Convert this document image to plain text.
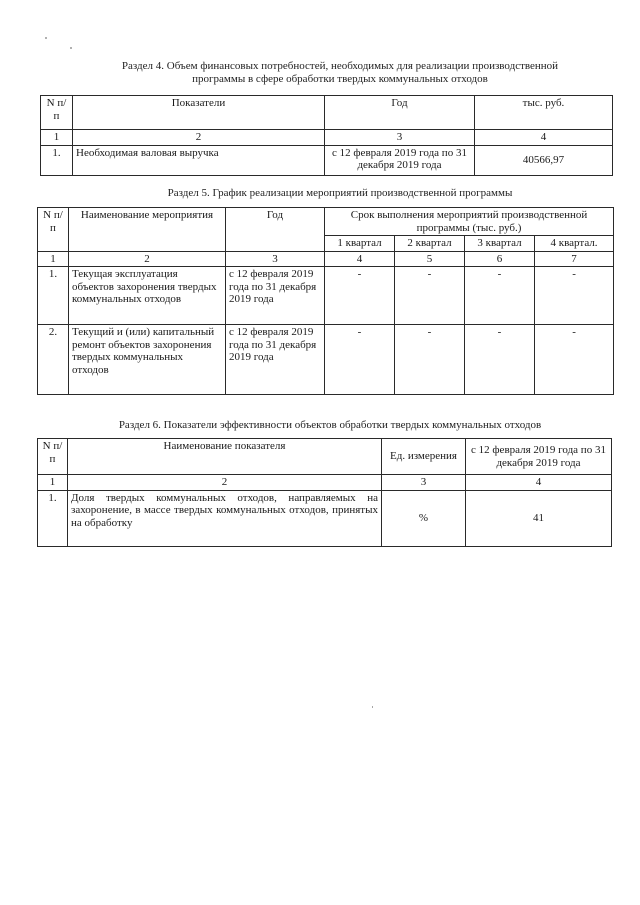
Раздел 4. Объем финансовых потребностей, необходимых для реализации производственной
программы в сфере обработки твердых коммунальных отходов
N п/п	Показатели	Год	тыс. руб.
1	2	3	4
1.	Необходимая валовая выручка	с 12 февраля 2019 года по 31 декабря 2019 года	40566,97
Раздел 5. График реализации мероприятий производственной программы
N п/ п	Наименование мероприятия	Год	Срок выполнения мероприятий производственной программы (тыс. руб.)			
			1 квартал	2 квартал	3 квартал	4 квартал.
1	2	3	4	5	6	7
1.	Текущая эксплуатация объектов захоронения твердых коммунальных отходов	с 12 февраля 2019 года по 31 декабря 2019 года	-	-	-	-
2.	Текущий и (или) капитальный ремонт объектов захоронения твердых коммунальных отходов	с 12 февраля 2019 года по 31 декабря 2019 года	-	-	-	-
Раздел 6. Показатели эффективности объектов обработки твердых коммунальных отходов
N п/п	Наименование показателя	Ед. измерения	с 12 февраля 2019 года по 31 декабря 2019 года
1	2	3	4
1.	Доля твердых коммунальных отходов, направляемых на захоронение, в массе твердых коммунальных отходов, принятых на обработку	%	41
